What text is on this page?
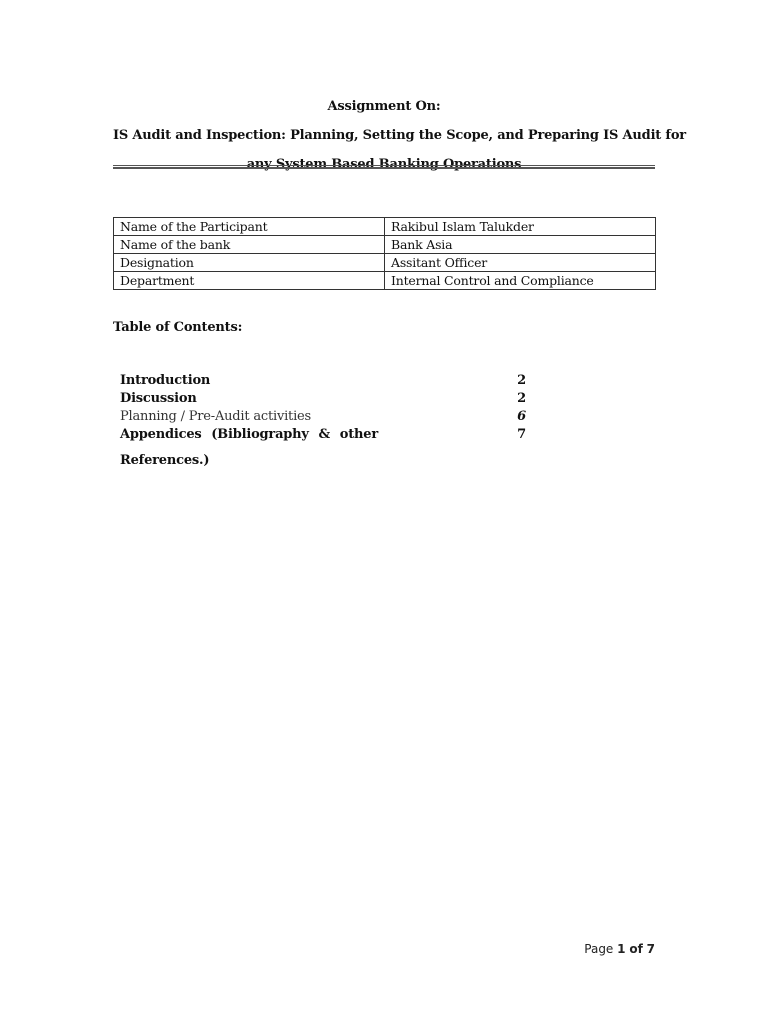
Assignment On:
IS Audit and Inspection: Planning, Setting the Scope, and Preparing IS Audit for
any System Based Banking Operations
Name of the Participant	Rakibul Islam Talukder
Name of the bank	Bank Asia
Designation	Assitant Officer
Department	Internal Control and Compliance
Table of Contents:
Introduction	2
Discussion	2
Planning / Pre-Audit activities	6
Appendices (Bibliography & other	7
References.)
Page 1 of 7
